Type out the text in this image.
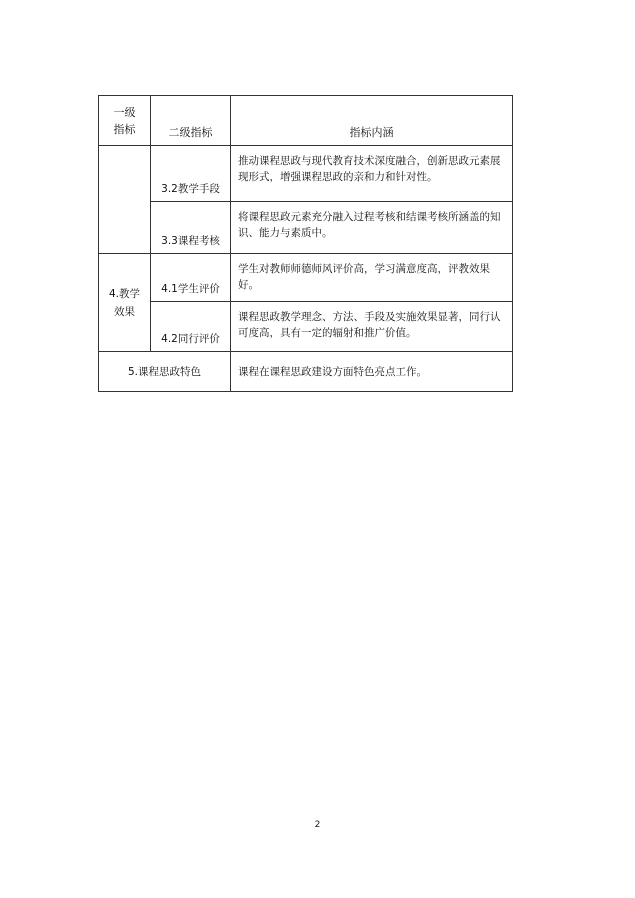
一级
指标	二级指标	指标内涵
	3.2教学手段	推动课程思政与现代教育技术深度融合，创新思政元素展现形式，增强课程思政的亲和力和针对性。
	3.3课程考核	将课程思政元素充分融入过程考核和结课考核所涵盖的知识、能力与素质中。

4.教学
效果	4.1学生评价	学生对教师师德师风评价高，学习满意度高，评教效果好。
	4.2同行评价	课程思政教学理念、方法、手段及实施效果显著，同行认可度高，具有一定的辐射和推广价值。
5.课程思政特色		课程在课程思政建设方面特色亮点工作。
2
